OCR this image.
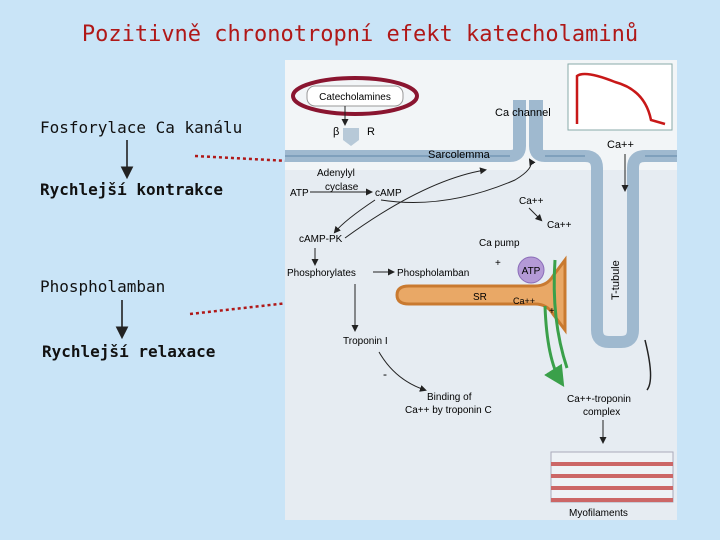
Pozitivně chronotropní efekt katecholaminů
Fosforylace Ca kanálu
Rychlejší kontrakce
Phospholamban
Rychlejší relaxace
Catecholamines
β	R
Ca channel
Sarcolemma
Ca++
Adenylyl
cyclase
ATP	cAMP
Ca++
Ca++
cAMP-PK	Ca pump
+
Phosphorylates	Phospholamban
SR	Ca++
ATP
+
T-tubule
Troponin I
-
Binding of
Ca++ by troponin C
Ca++-troponin
complex
Myofilaments
